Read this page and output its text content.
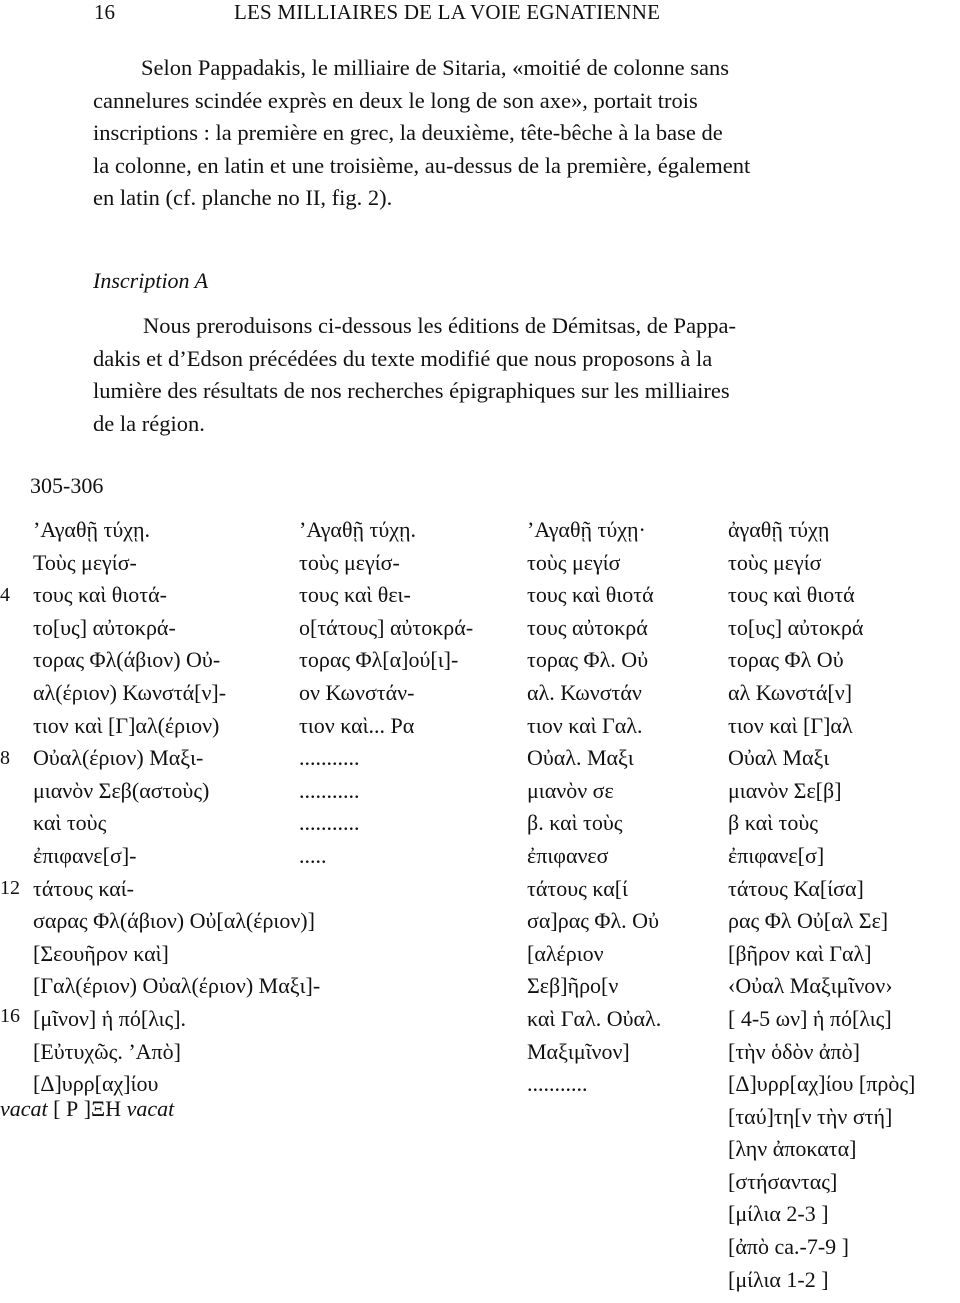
16	LES MILLIAIRES DE LA VOIE EGNATIENNE
Selon Pappadakis, le milliaire de Sitaria, «moitié de colonne sans
cannelures scindée exprès en deux le long de son axe», portait trois
inscriptions : la première en grec, la deuxième, tête-bêche à la base de
la colonne, en latin et une troisième, au-dessus de la première, également
en latin (cf. planche no II, fig. 2).
Inscription A
Nous preroduisons ci-dessous les éditions de Démitsas, de Pappa-
dakis et d’Edson précédées du texte modifié que nous proposons à la
lumière des résultats de nos recherches épigraphiques sur les milliaires
de la région.
305-306
4
8
12
16
’Αγαθῇ τύχῃ.
Τοὺς μεγίσ-
τους καὶ θιοτά-
το[υς] αὐτοκρά-
τορας Φλ(άβιον) Οὐ-
αλ(έριον) Κωνστά[ν]-
τιον καὶ [Γ]αλ(έριον)
Οὐαλ(έριον) Μαξι-
μιανὸν Σεβ(αστοὺς)
καὶ τοὺς
ἐπιφανε[σ]-
τάτους καί-
σαρας Φλ(άβιον) Οὐ[αλ(έριον)]
[Σεουῆρον καὶ]
[Γαλ(έριον) Οὐαλ(έριον) Μαξι]-
[μῖνον] ἡ πό[λις].
[Εὐτυχῶς. ’Απὸ]
[Δ]υρρ[αχ]ίου
’Αγαθῇ τύχῃ.
τοὺς μεγίσ-
τους καὶ θει-
ο[τάτους] αὐτοκρά-
τορας Φλ[α]ού[ι]-
ον Κωνστάν-
τιον καὶ... Ρα
...........
...........
...........
.....
’Αγαθῇ τύχῃ·
τοὺς μεγίσ
τους καὶ θιοτά
τους αὐτοκρά
τορας Φλ. Οὐ
αλ. Κωνστάν
τιον καὶ Γαλ.
Οὐαλ. Μαξι
μιανὸν σε
β. καὶ τοὺς
ἐπιφανεσ
τάτους κα[ί
σα]ρας Φλ. Οὐ
[αλέριον
Σεβ]ῆρο[ν
καὶ Γαλ. Οὐαλ.
Μαξιμῖνον]
...........
ἀγαθῇ τύχῃ
τοὺς μεγίσ
τους καὶ θιοτά
το[υς] αὐτοκρά
τορας Φλ Οὐ
αλ Κωνστά[ν]
τιον καὶ [Γ]αλ
Οὐαλ Μαξι
μιανὸν Σε[β]
β καὶ τοὺς
ἐπιφανε[σ]
τάτους Κα[ίσα]
ρας Φλ Οὐ[αλ Σε]
[βῆρον καὶ Γαλ]
‹Οὐαλ Μαξιμῖνον›
[ 4-5 ων] ἡ πό[λις]
[τὴν ὁδὸν ἀπὸ]
[Δ]υρρ[αχ]ίου [πρὸς]
[ταύ]τη[ν τὴν στή]
[λην ἀποκατα]
[στήσαντας]
[μίλια 2-3 ]
[ἀπὸ ca.-7-9 ]
[μίλια 1-2 ]
vacat [ Ρ ]ΞΗ vacat
